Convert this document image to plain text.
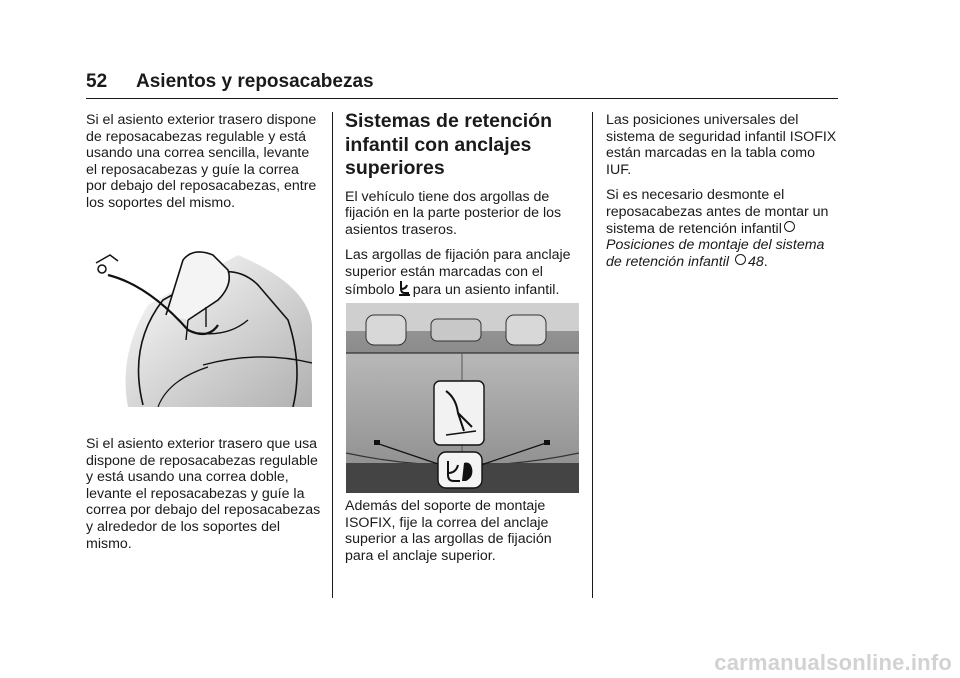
52 Asientos y reposacabezas

Si el asiento exterior trasero dispone de reposacabezas regulable y está usando una correa sencilla, levante el reposacabezas y guíe la correa por debajo del reposacabezas, entre los soportes del mismo.

Si el asiento exterior trasero que usa dispone de reposacabezas regulable y está usando una correa doble, levante el reposacabezas y guíe la correa por debajo del reposacabezas y alrededor de los soportes del mismo.

Sistemas de retención infantil con anclajes superiores

El vehículo tiene dos argollas de fijación en la parte posterior de los asientos traseros.

Las argollas de fijación para anclaje superior están marcadas con el símbolo para un asiento infantil.

Además del soporte de montaje ISOFIX, fije la correa del anclaje superior a las argollas de fijación para el anclaje superior.

Las posiciones universales del sistema de seguridad infantil ISOFIX están marcadas en la tabla como IUF.

Si es necesario desmonte el reposacabezas antes de montar un sistema de retención infantil
Posiciones de montaje del sistema de retención infantil 48.

carmanualsonline.info
